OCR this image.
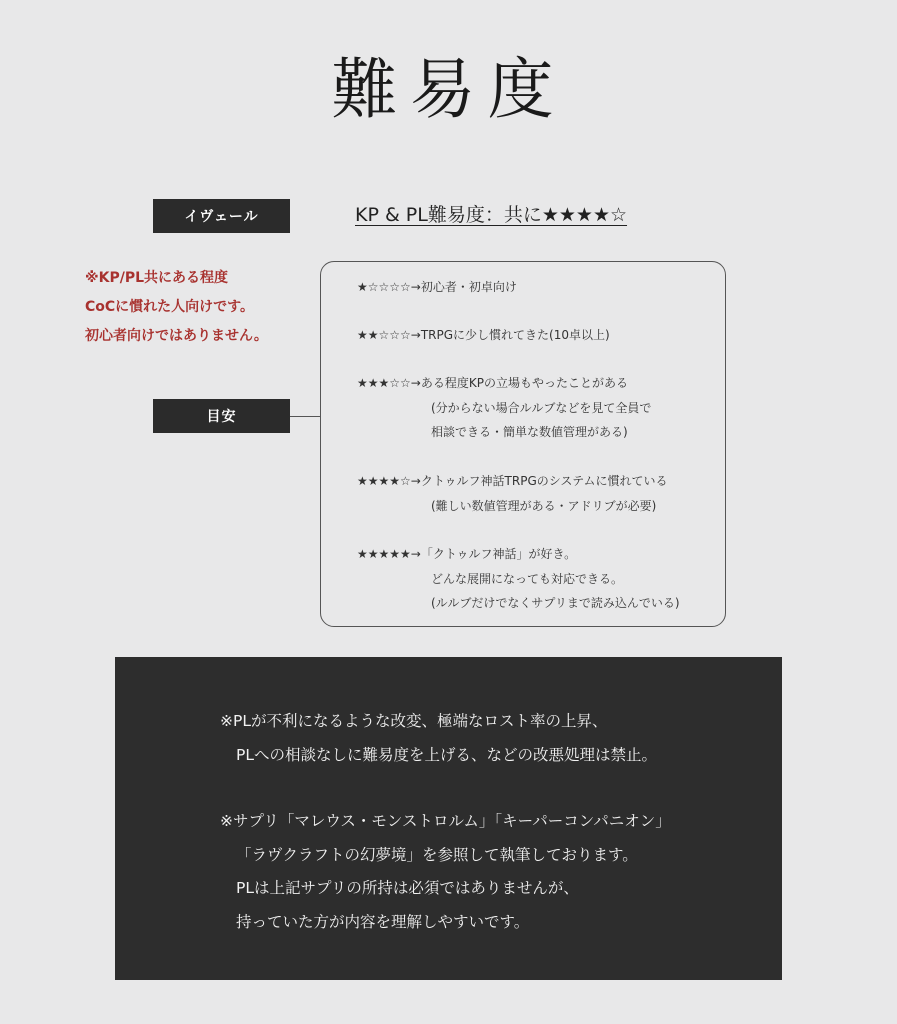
難易度
イヴェール	KP & PL難易度：共に★★★★☆
※KP/PL共にある程度
CoCに慣れた人向けです。
初心者向けではありません。
目安
★☆☆☆☆→初心者・初卓向け
★★☆☆☆→TRPGに少し慣れてきた(10卓以上)
★★★☆☆→ある程度KPの立場もやったことがある
(分からない場合ルルブなどを見て全員で
相談できる・簡単な数値管理がある)
★★★★☆→クトゥルフ神話TRPGのシステムに慣れている
(難しい数値管理がある・アドリブが必要)
★★★★★→「クトゥルフ神話」が好き。
どんな展開になっても対応できる。
(ルルブだけでなくサプリまで読み込んでいる)
※PLが不利になるような改変、極端なロスト率の上昇、
PLへの相談なしに難易度を上げる、などの改悪処理は禁止。
※サプリ「マレウス・モンストロルム」「キーパーコンパニオン」
「ラヴクラフトの幻夢境」を参照して執筆しております。
PLは上記サプリの所持は必須ではありませんが、
持っていた方が内容を理解しやすいです。
